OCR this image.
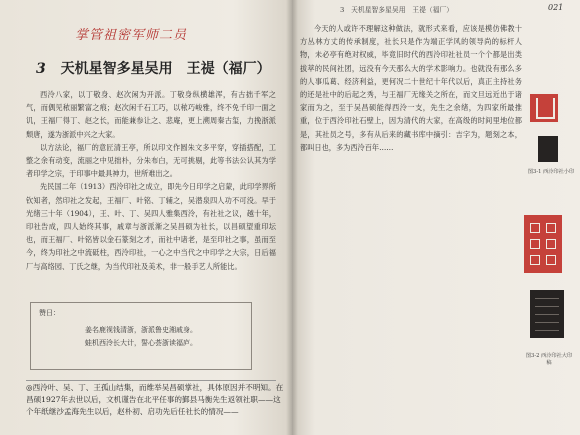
掌管祖密军师二员
3 天机星智多星吴用　王禔（福厂）

西泠八家，以丁敬身、赵次闲为开派。丁敬身纵横雄浑，有古拙千军之气，而偶见秾丽繁富之痕；赵次闲千石工巧，以秾巧峻雅，终不免千印一面之讥，王福厂得丁、赵之长，而能兼参让之、悲庵，更上溯周秦古玺，力挽浙派颓唐，遂为浙派中兴之大家。

以方法论，福厂的意匠清王亭，所以印文作圆朱文多平穿，穿插搭配，工整之余有动变，流丽之中见拙朴，分朱布白，无可挑剔，此等书法公认其为学者印学之宗，于印事中最具神力，世所难出之。

先民国二年（1913）西泠印社之成立，即先今日印学之启蒙，此印学界所钦知者，然印社之发起，王福厂、叶铭、丁辅之，吴潜泉四人功不可没。早于光绪三十年（1904），王、叶、丁、吴四人雅集西泠，有社社之议，越十年，印社告成，四人始终其事，戚章与浙派渐之吴昌硕为社长，以昌硕望重印坛也，而王福厂、叶铭皆以金石篆刻之才，而社中诸老，是至印社之事，虽而至今，终为印社之中流砥柱，西泠印社，一心之中当代之中印学之大宗，日后福厂与高络园、丁氏之继，为当代印社及美术，非一般手艺人所能比。

赞日：
姜名鹿视钱清浙，浙派鲁史湘戚身。
蛙机西泠长大计，誓心荟浙读福庐。
◎西泠叶、吴、丁、王孤山结集，而维举吴昌硕掌社，具体原因并不明知。在昌硕1927年去世以后，文机谨告在北平任事的鄞县马衡先生返领社职——这个年纸继沙孟海先生以后，赵朴初、启功先后任社长的情况——
3　天机星智多星吴用　王禔（福厂）	021

今天的人或许不理解这种做法，就形式来看，应该是模仿佛教十方丛林方丈的传承制度，社长只是作为端正学风的领导尚的标杆人物，未必亭有绝对权威，毕竟旧时代的西泠印社社员一个个都是出类拔萃的民间社团，远没有今天那么大的学术影响力。也就没有那么多的人事瓜葛、经济利益，更何况二十世纪十年代以后，真正主持社务的还是社中的后起之秀，与王福厂无缘关之所在，而文旦远近出于诸家而为之，至于吴昌硕能得西泠一支，先生之余绪，为四家所最推重，位于西泠印社石壁上，因为清代的大家，在高级的时间里地位都是，其社员之号，多有从后来的藏书库中摘引：吉字为，题刻之本，都叫日也，多为西泠百年……

图3-1 西泠印社小印
图3-2 西泠印社大印稿
